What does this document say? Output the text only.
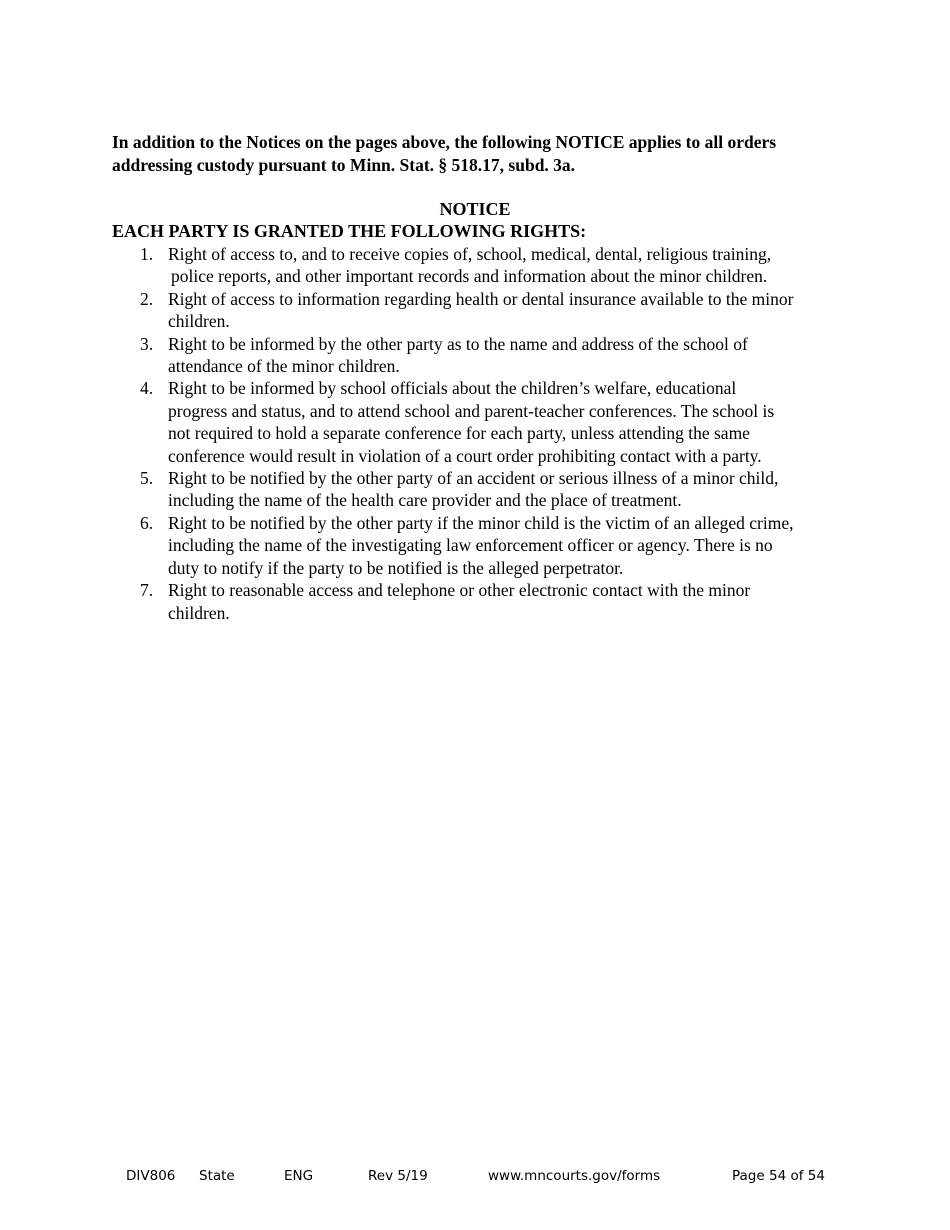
In addition to the Notices on the pages above, the following NOTICE applies to all orders
addressing custody pursuant to Minn. Stat. § 518.17, subd. 3a.
NOTICE
EACH PARTY IS GRANTED THE FOLLOWING RIGHTS:
1. Right of access to, and to receive copies of, school, medical, dental, religious training,
police reports, and other important records and information about the minor children.
2. Right of access to information regarding health or dental insurance available to the minor
children.
3. Right to be informed by the other party as to the name and address of the school of
attendance of the minor children.
4. Right to be informed by school officials about the children’s welfare, educational
progress and status, and to attend school and parent-teacher conferences. The school is
not required to hold a separate conference for each party, unless attending the same
conference would result in violation of a court order prohibiting contact with a party.
5. Right to be notified by the other party of an accident or serious illness of a minor child,
including the name of the health care provider and the place of treatment.
6. Right to be notified by the other party if the minor child is the victim of an alleged crime,
including the name of the investigating law enforcement officer or agency. There is no
duty to notify if the party to be notified is the alleged perpetrator.
7. Right to reasonable access and telephone or other electronic contact with the minor
children.
DIV806 State	ENG	Rev 5/19	www.mncourts.gov/forms	Page 54 of 54
